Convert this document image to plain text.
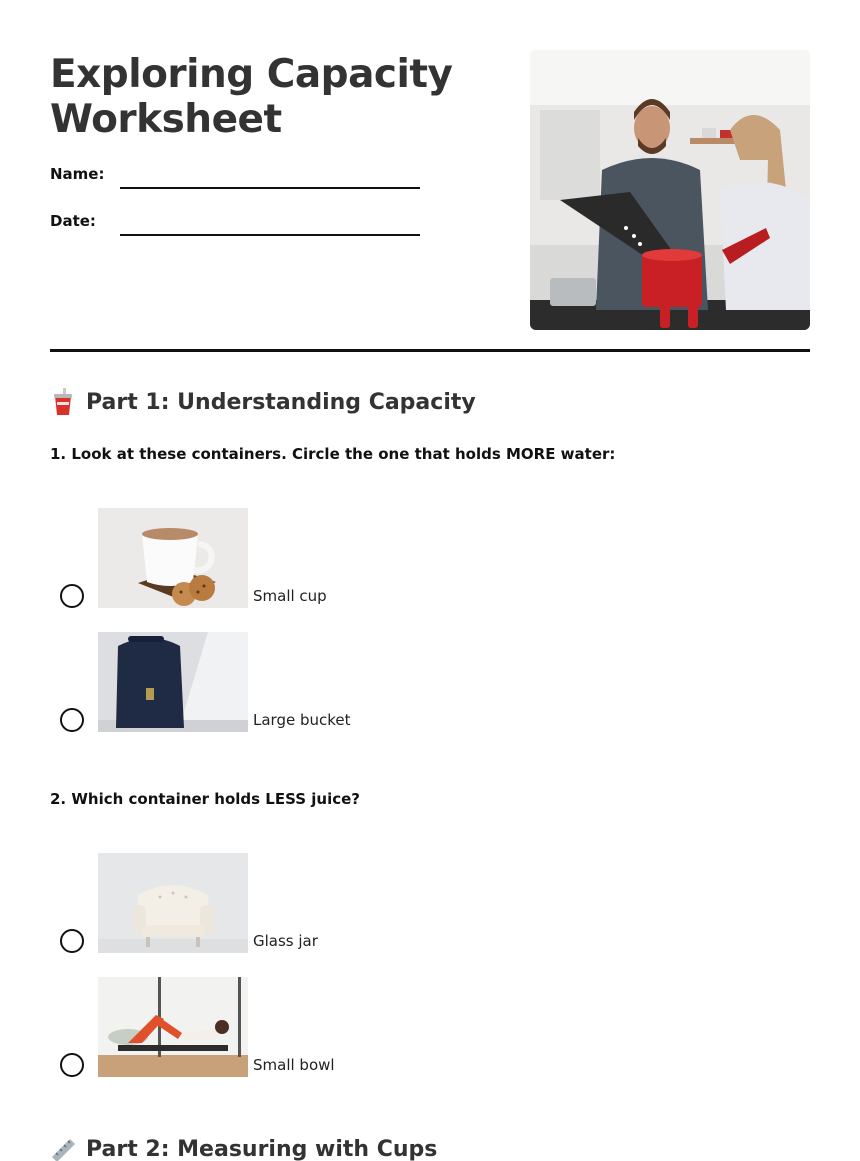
Exploring Capacity
Worksheet
Name:
Date:
Part 1: Understanding Capacity
1. Look at these containers. Circle the one that holds MORE water:
Small cup
Large bucket
2. Which container holds LESS juice?
Glass jar
Small bowl
Part 2: Measuring with Cups
